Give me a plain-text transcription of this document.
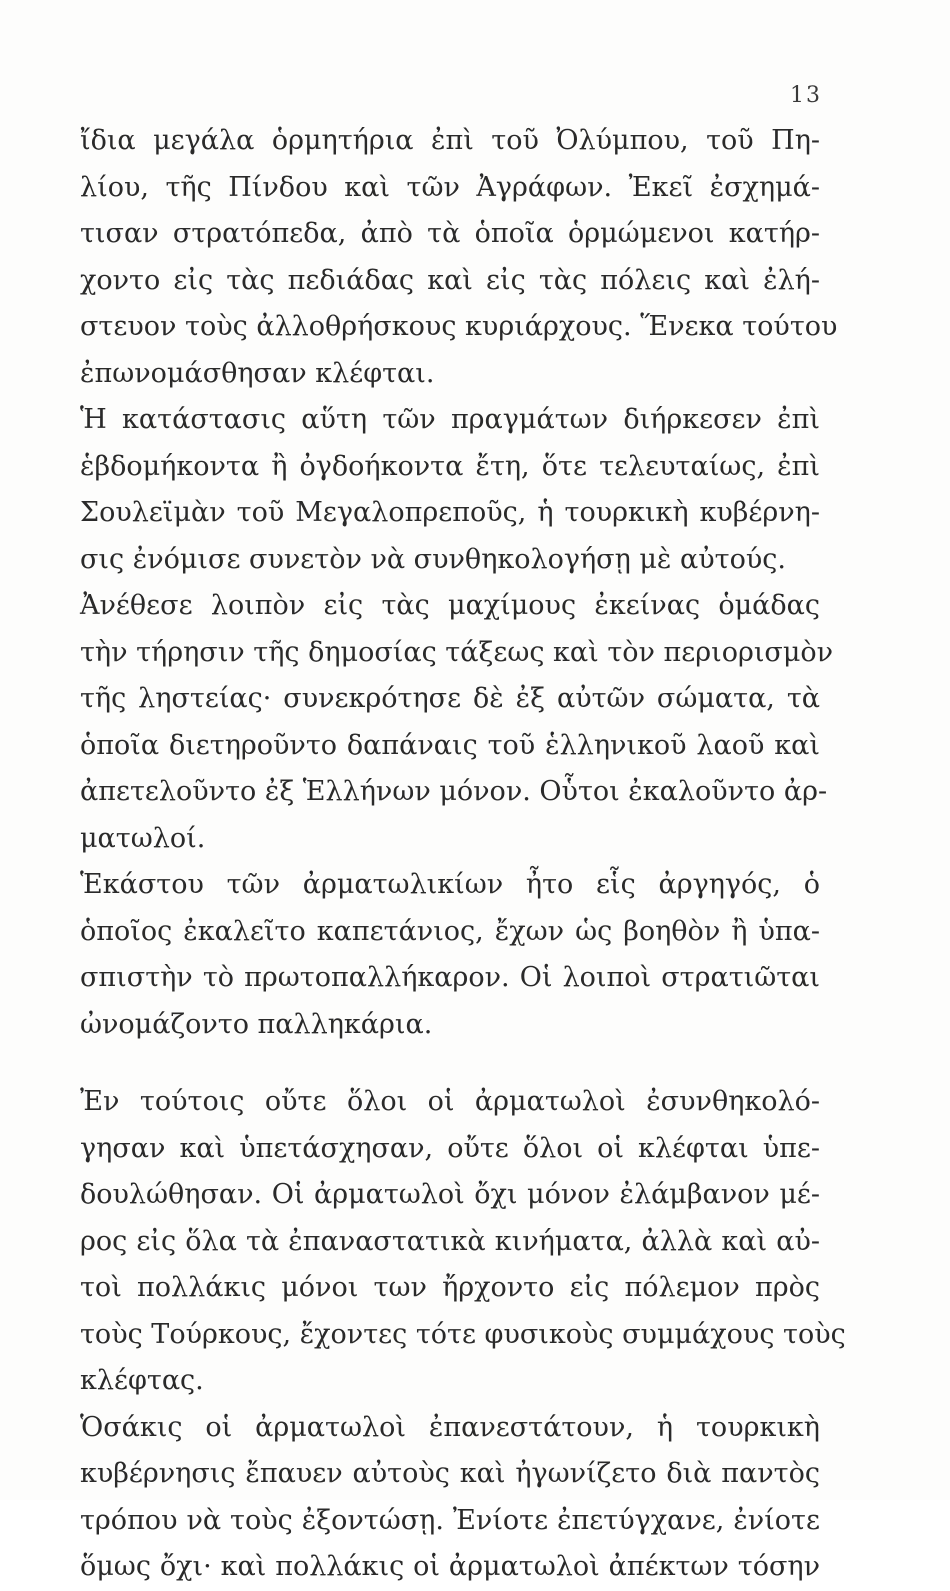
13
ἴδια μεγάλα ὁρμητήρια ἐπὶ τοῦ Ὀλύμπου, τοῦ Πη-
λίου, τῆς Πίνδου καὶ τῶν Ἀγράφων. Ἐκεῖ ἐσχημά-
τισαν στρατόπεδα, ἀπὸ τὰ ὁποῖα ὁρμώμενοι κατήρ-
χοντο εἰς τὰς πεδιάδας καὶ εἰς τὰς πόλεις καὶ ἐλή-
στευον τοὺς ἀλλοθρήσκους κυριάρχους. Ἕνεκα τούτου
ἐπωνομάσθησαν κλέφται.
Ἡ κατάστασις αὕτη τῶν πραγμάτων διήρκεσεν ἐπὶ
ἑβδομήκοντα ἢ ὀγδοήκοντα ἔτη, ὅτε τελευταίως, ἐπὶ
Σουλεϊμὰν τοῦ Μεγαλοπρεποῦς, ἡ τουρκικὴ κυβέρνη-
σις ἐνόμισε συνετὸν νὰ συνθηκολογήσῃ μὲ αὐτούς.
Ἀνέθεσε λοιπὸν εἰς τὰς μαχίμους ἐκείνας ὁμάδας
τὴν τήρησιν τῆς δημοσίας τάξεως καὶ τὸν περιορισμὸν
τῆς ληστείας· συνεκρότησε δὲ ἐξ αὐτῶν σώματα, τὰ
ὁποῖα διετηροῦντο δαπάναις τοῦ ἑλληνικοῦ λαοῦ καὶ
ἀπετελοῦντο ἐξ Ἑλλήνων μόνον. Οὗτοι ἐκαλοῦντο ἀρ-
ματωλοί.
Ἑκάστου τῶν ἀρματωλικίων ἦτο εἷς ἀργηγός, ὁ
ὁποῖος ἐκαλεῖτο καπετάνιος, ἔχων ὡς βοηθὸν ἢ ὑπα-
σπιστὴν τὸ πρωτοπαλλήκαρον. Οἱ λοιποὶ στρατιῶται
ὠνομάζοντο παλληκάρια.
Ἐν τούτοις οὔτε ὅλοι οἱ ἀρματωλοὶ ἐσυνθηκολό-
γησαν καὶ ὑπετάσχησαν, οὔτε ὅλοι οἱ κλέφται ὑπε-
δουλώθησαν. Οἱ ἀρματωλοὶ ὄχι μόνον ἐλάμβανον μέ-
ρος εἰς ὅλα τὰ ἐπαναστατικὰ κινήματα, ἀλλὰ καὶ αὐ-
τοὶ πολλάκις μόνοι των ἤρχοντο εἰς πόλεμον πρὸς
τοὺς Τούρκους, ἔχοντες τότε φυσικοὺς συμμάχους τοὺς
κλέφτας.
Ὁσάκις οἱ ἀρματωλοὶ ἐπανεστάτουν, ἡ τουρκικὴ
κυβέρνησις ἔπαυεν αὐτοὺς καὶ ἠγωνίζετο διὰ παντὸς
τρόπου νὰ τοὺς ἐξοντώσῃ. Ἐνίοτε ἐπετύγχανε, ἐνίοτε
ὅμως ὄχι· καὶ πολλάκις οἱ ἀρματωλοὶ ἀπέκτων τόσην
